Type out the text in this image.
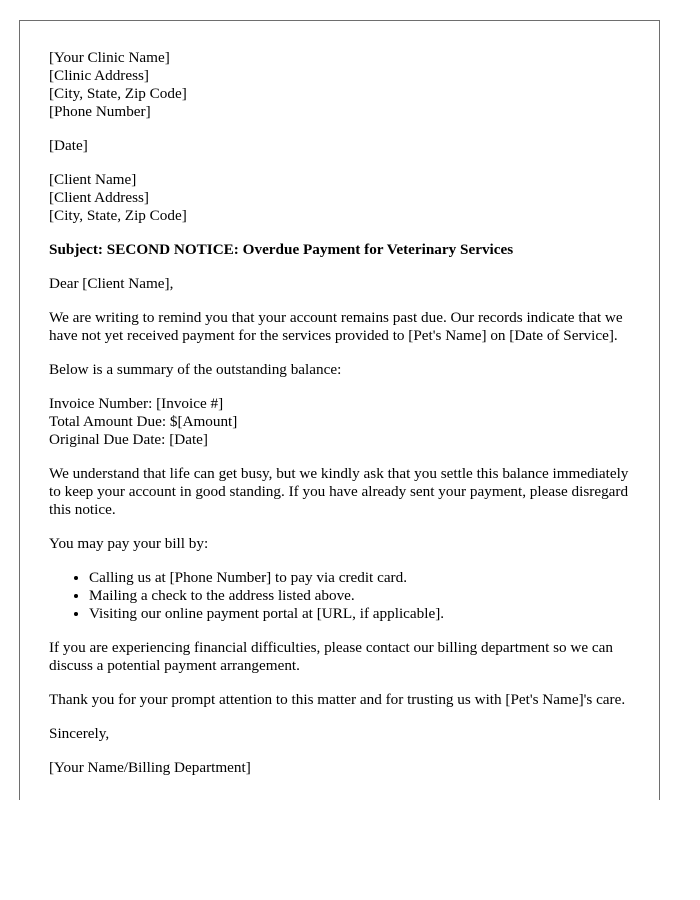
[Your Clinic Name]
[Clinic Address]
[City, State, Zip Code]
[Phone Number]
[Date]
[Client Name]
[Client Address]
[City, State, Zip Code]

Subject: SECOND NOTICE: Overdue Payment for Veterinary Services

Dear [Client Name],

We are writing to remind you that your account remains past due. Our records indicate that we have not yet received payment for the services provided to [Pet's Name] on [Date of Service].

Below is a summary of the outstanding balance:

Invoice Number: [Invoice #]
Total Amount Due: $[Amount]
Original Due Date: [Date]

We understand that life can get busy, but we kindly ask that you settle this balance immediately to keep your account in good standing. If you have already sent your payment, please disregard this notice.

You may pay your bill by:

• Calling us at [Phone Number] to pay via credit card.
• Mailing a check to the address listed above.
• Visiting our online payment portal at [URL, if applicable].

If you are experiencing financial difficulties, please contact our billing department so we can discuss a potential payment arrangement.

Thank you for your prompt attention to this matter and for trusting us with [Pet's Name]'s care.

Sincerely,

[Your Name/Billing Department]
